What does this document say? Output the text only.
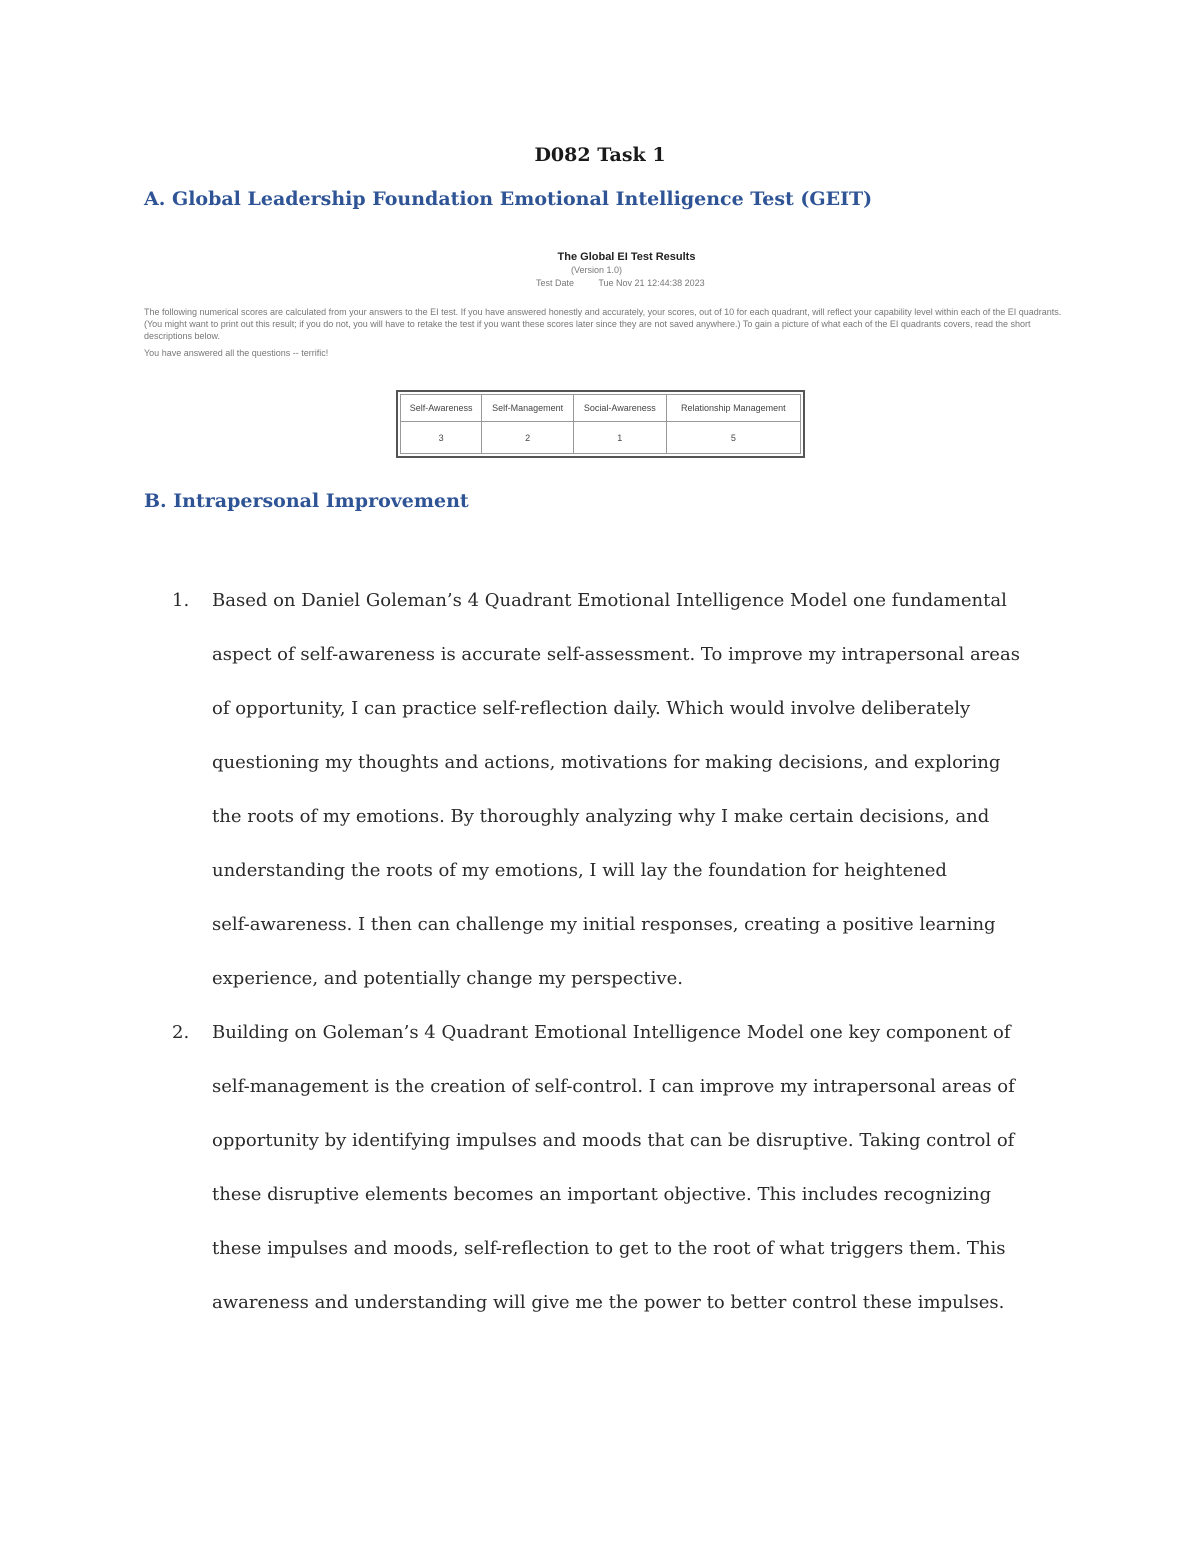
D082 Task 1
A. Global Leadership Foundation Emotional Intelligence Test (GEIT)
The Global EI Test Results
(Version 1.0)
Test Date	Tue Nov 21 12:44:38 2023
The following numerical scores are calculated from your answers to the EI test. If you have answered honestly and accurately, your scores, out of 10 for each quadrant, will reflect your capability level within each of the EI quadrants. (You might want to print out this result; if you do not, you will have to retake the test if you want these scores later since they are not saved anywhere.) To gain a picture of what each of the EI quadrants covers, read the short descriptions below.
You have answered all the questions -- terrific!
Self-Awareness	Self-Management	Social-Awareness	Relationship Management
3	2	1	5
B. Intrapersonal Improvement
1. Based on Daniel Goleman’s 4 Quadrant Emotional Intelligence Model one fundamental
aspect of self-awareness is accurate self-assessment. To improve my intrapersonal areas
of opportunity, I can practice self-reflection daily. Which would involve deliberately
questioning my thoughts and actions, motivations for making decisions, and exploring
the roots of my emotions. By thoroughly analyzing why I make certain decisions, and
understanding the roots of my emotions, I will lay the foundation for heightened
self-awareness. I then can challenge my initial responses, creating a positive learning
experience, and potentially change my perspective.
2. Building on Goleman’s 4 Quadrant Emotional Intelligence Model one key component of
self-management is the creation of self-control. I can improve my intrapersonal areas of
opportunity by identifying impulses and moods that can be disruptive. Taking control of
these disruptive elements becomes an important objective. This includes recognizing
these impulses and moods, self-reflection to get to the root of what triggers them. This
awareness and understanding will give me the power to better control these impulses.
